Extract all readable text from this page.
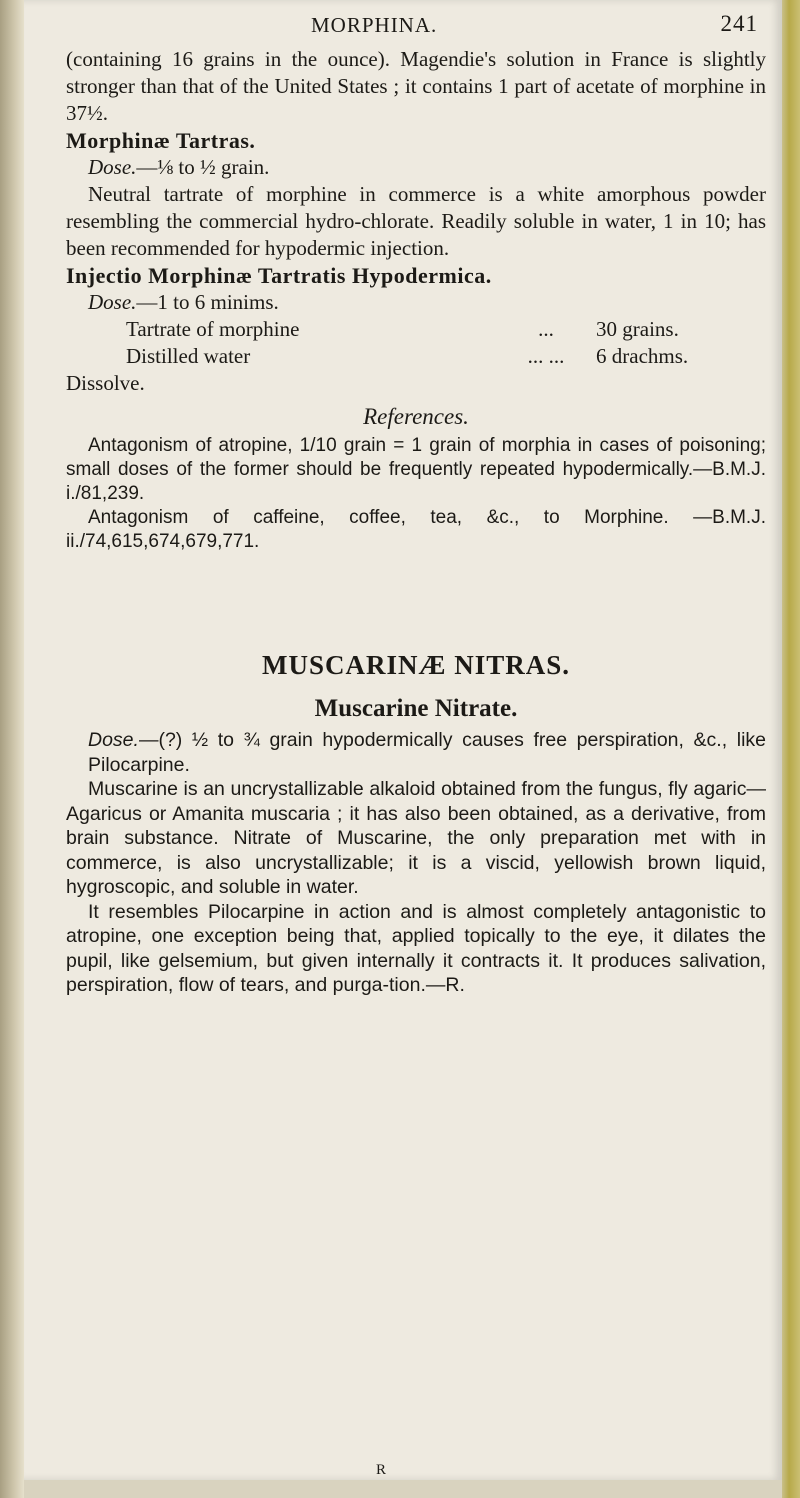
MORPHINA.	241

(containing 16 grains in the ounce). Magendie's solution in France is slightly stronger than that of the United States ; it contains 1 part of acetate of morphine in 37½.

Morphinæ Tartras.

Dose.—⅛ to ½ grain.

Neutral tartrate of morphine in commerce is a white amorphous powder resembling the commercial hydro-chlorate. Readily soluble in water, 1 in 10; has been recommended for hypodermic injection.

Injectio Morphinæ Tartratis Hypodermica.

Dose.—1 to 6 minims.

Tartrate of morphine	...	30 grains.
Distilled water	... ...	6 drachms.

Dissolve.

References.

Antagonism of atropine, 1/10 grain = 1 grain of morphia in cases of poisoning; small doses of the former should be frequently repeated hypodermically.—B.M.J. i./81,239.

Antagonism of caffeine, coffee, tea, &c., to Morphine. —B.M.J. ii./74,615,674,679,771.

MUSCARINÆ NITRAS.
Muscarine Nitrate.

Dose.—(?) ½ to ¾ grain hypodermically causes free perspiration, &c., like Pilocarpine.

Muscarine is an uncrystallizable alkaloid obtained from the fungus, fly agaric—Agaricus or Amanita muscaria ; it has also been obtained, as a derivative, from brain substance. Nitrate of Muscarine, the only preparation met with in commerce, is also uncrystallizable; it is a viscid, yellowish brown liquid, hygroscopic, and soluble in water.

It resembles Pilocarpine in action and is almost completely antagonistic to atropine, one exception being that, applied topically to the eye, it dilates the pupil, like gelsemium, but given internally it contracts it. It produces salivation, perspiration, flow of tears, and purga-tion.—R.

R
